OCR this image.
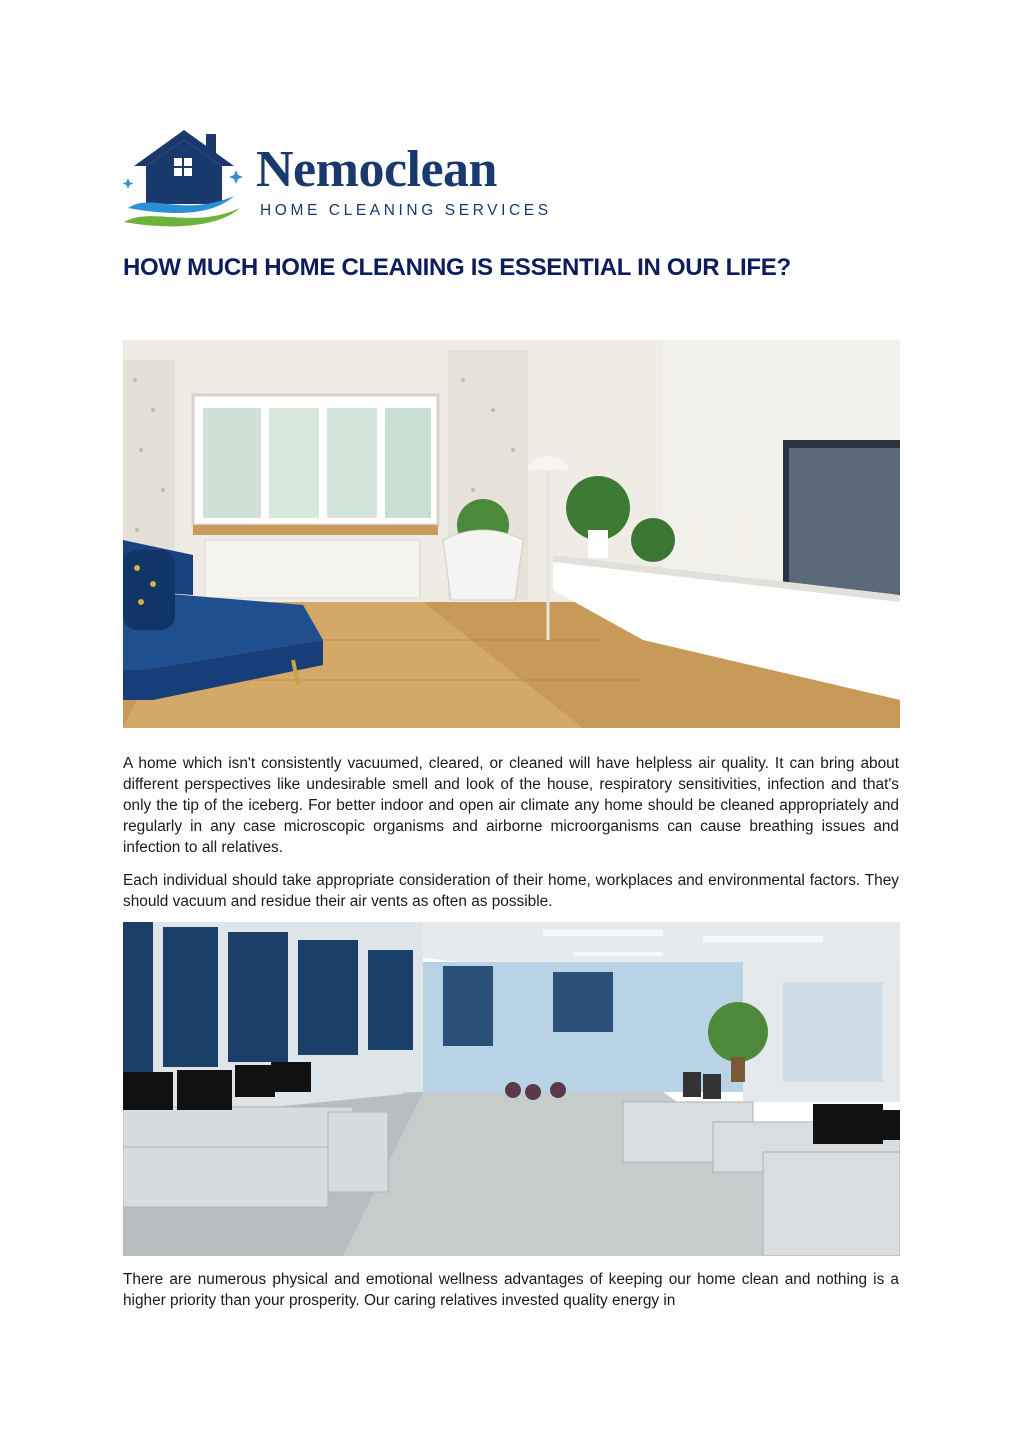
Nemoclean
HOME CLEANING SERVICES
HOW MUCH HOME CLEANING IS ESSENTIAL IN OUR LIFE?

A home which isn't consistently vacuumed, cleared, or cleaned will have helpless air quality. It can bring about different perspectives like undesirable smell and look of the house, respiratory sensitivities, infection and that's only the tip of the iceberg. For better indoor and open air climate any home should be cleaned appropriately and regularly in any case microscopic organisms and airborne microorganisms can cause breathing issues and infection to all relatives.

Each individual should take appropriate consideration of their home, workplaces and environmental factors. They should vacuum and residue their air vents as often as possible.

There are numerous physical and emotional wellness advantages of keeping our home clean and nothing is a higher priority than your prosperity. Our caring relatives invested quality energy in
